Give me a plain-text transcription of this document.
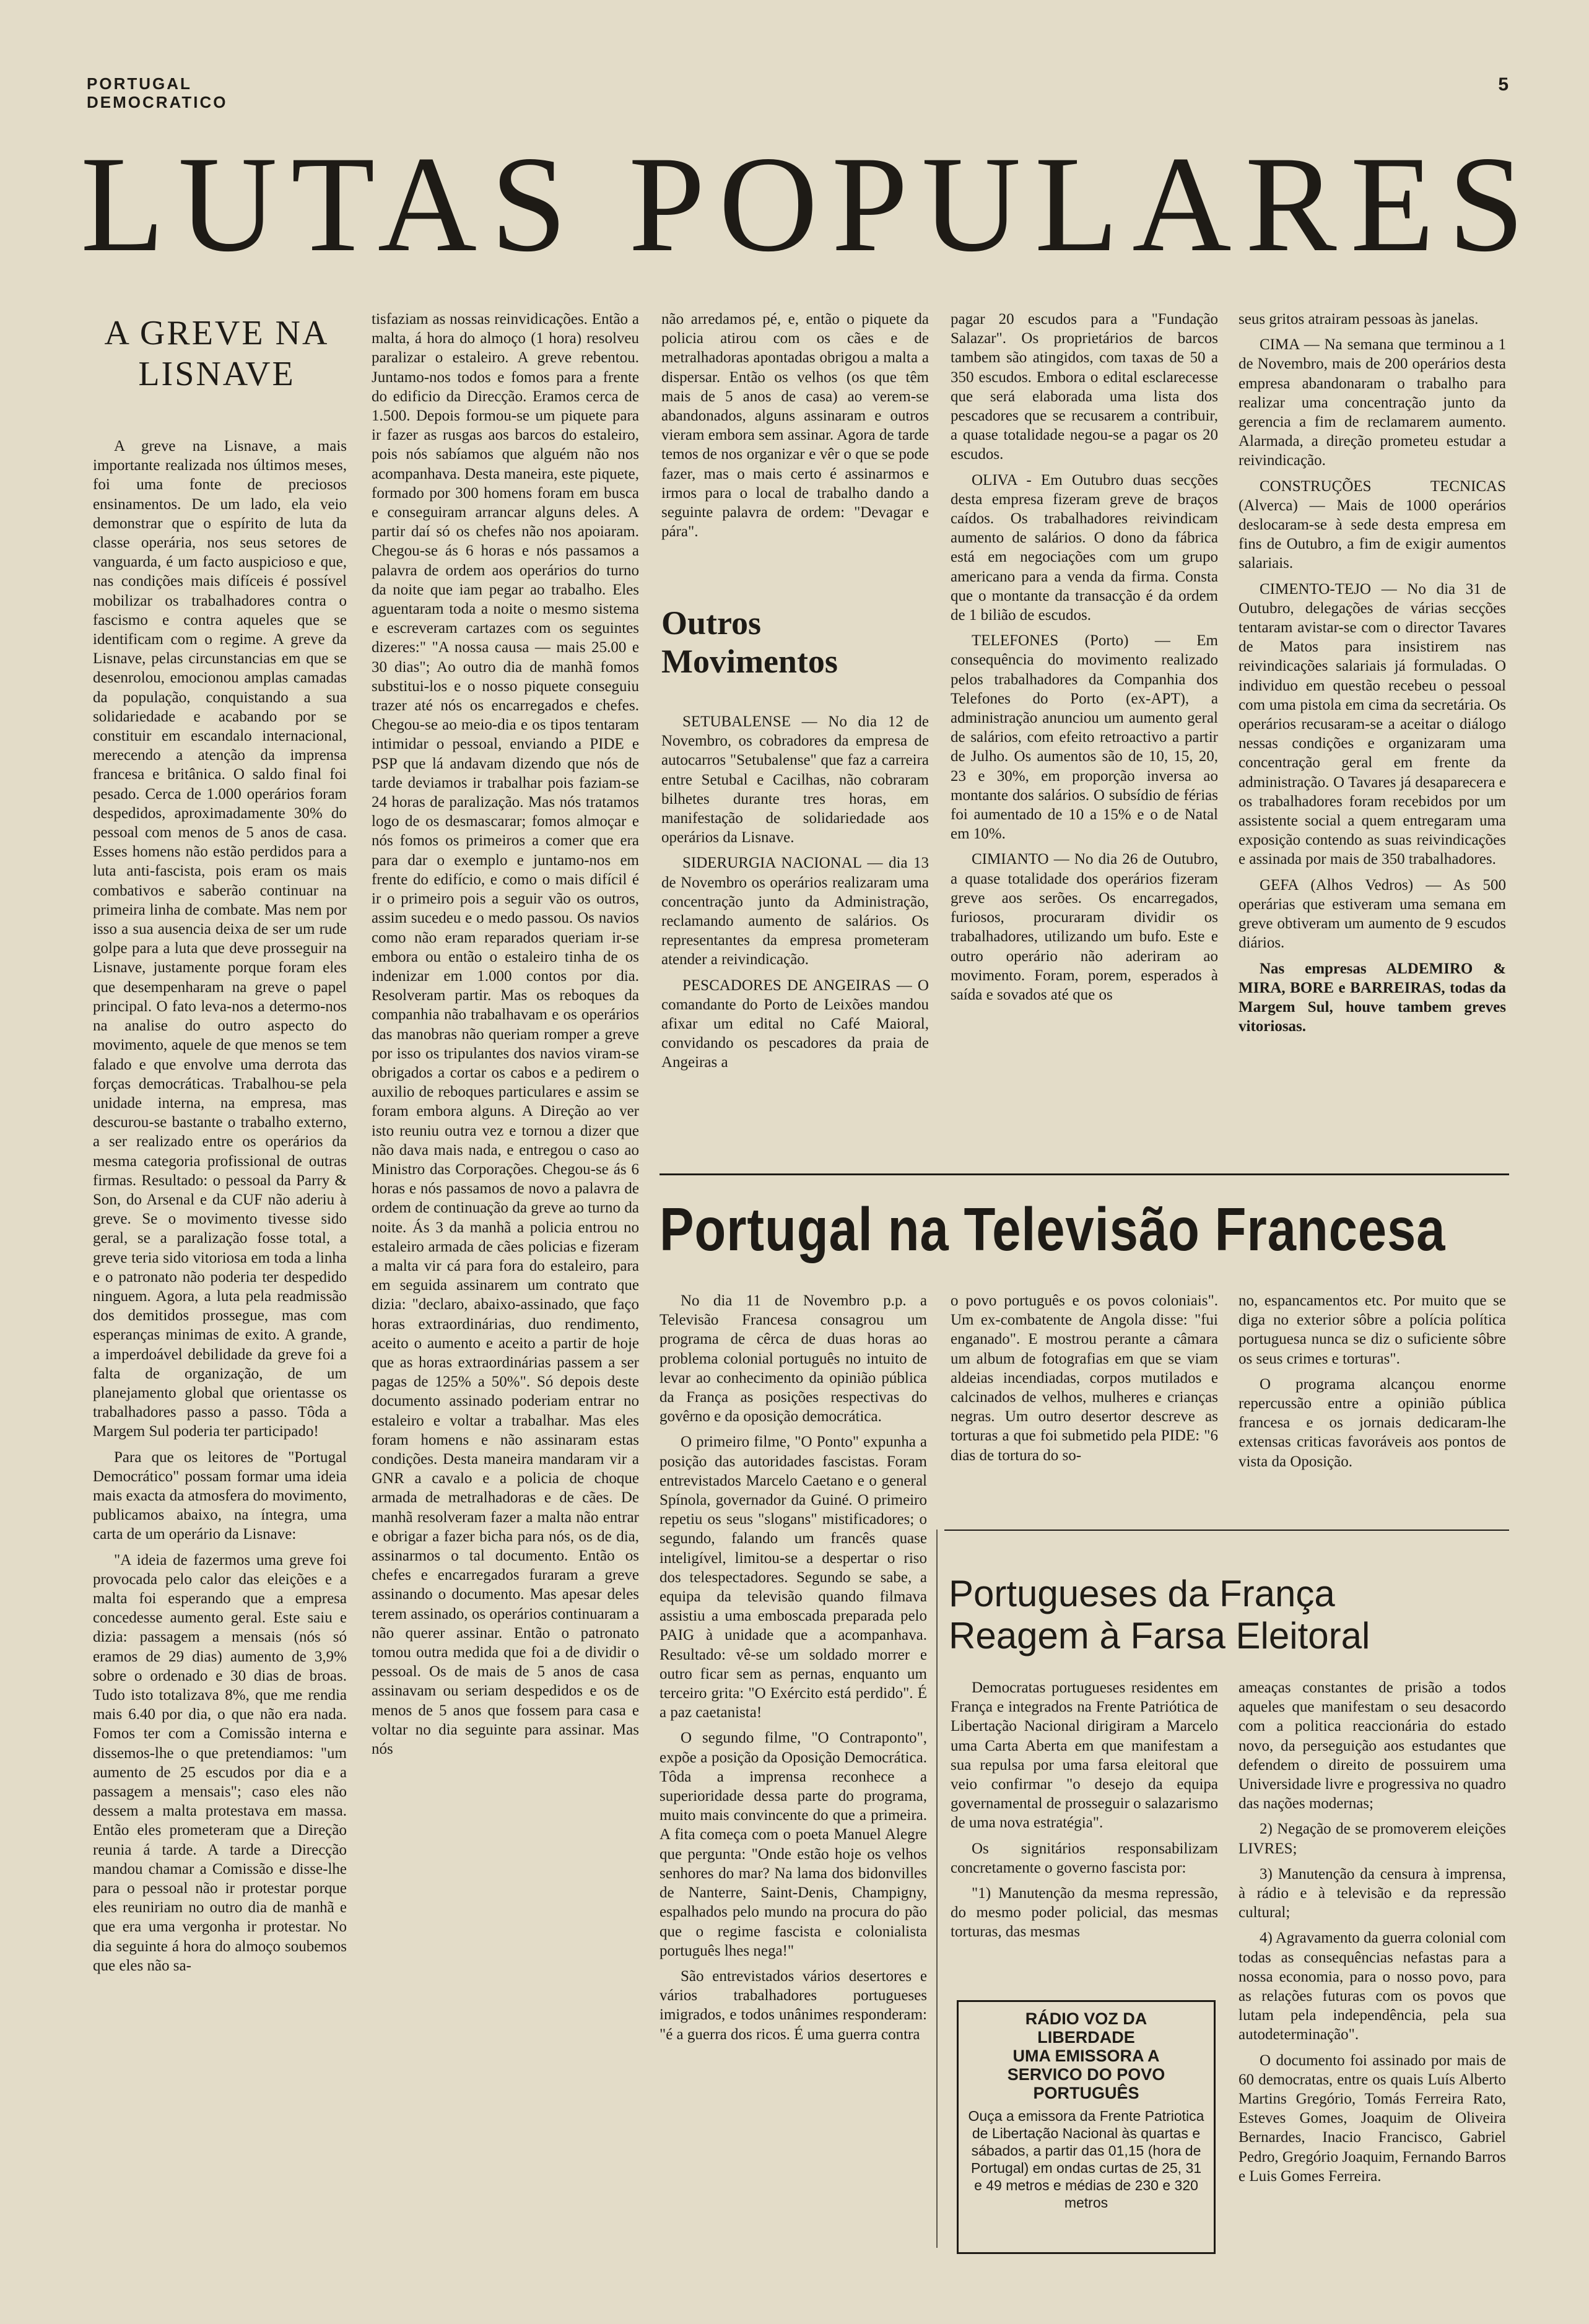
PORTUGAL
DEMOCRATICO
5
LUTAS POPULARES
A GREVE NA LISNAVE

A greve na Lisnave, a mais importante realizada nos últimos meses, foi uma fonte de preciosos ensinamentos. De um lado, ela veio demonstrar que o espírito de luta da classe operária, nos seus setores de vanguarda, é um facto auspicioso e que, nas condições mais difíceis é possível mobilizar os trabalhadores contra o fascismo e contra aqueles que se identificam com o regime. A greve da Lisnave, pelas circunstancias em que se desenrolou, emocionou amplas camadas da população, conquistando a sua solidariedade e acabando por se constituir em escandalo internacional, merecendo a atenção da imprensa francesa e britânica. O saldo final foi pesado. Cerca de 1.000 operários foram despedidos, aproximadamente 30% do pessoal com menos de 5 anos de casa. Esses homens não estão perdidos para a luta anti-fascista, pois eram os mais combativos e saberão continuar na primeira linha de combate. Mas nem por isso a sua ausencia deixa de ser um rude golpe para a luta que deve prosseguir na Lisnave, justamente porque foram eles que desempenharam na greve o papel principal. O fato leva-nos a determo-nos na analise do outro aspecto do movimento, aquele de que menos se tem falado e que envolve uma derrota das forças democráticas. Trabalhou-se pela unidade interna, na empresa, mas descurou-se bastante o trabalho externo, a ser realizado entre os operários da mesma categoria profissional de outras firmas. Resultado: o pessoal da Parry & Son, do Arsenal e da CUF não aderiu à greve. Se o movimento tivesse sido geral, se a paralização fosse total, a greve teria sido vitoriosa em toda a linha e o patronato não poderia ter despedido ninguem. Agora, a luta pela readmissão dos demitidos prossegue, mas com esperanças minimas de exito. A grande, a imperdoável debilidade da greve foi a falta de organização, de um planejamento global que orientasse os trabalhadores passo a passo. Tôda a Margem Sul poderia ter participado!

Para que os leitores de "Portugal Democrático" possam formar uma ideia mais exacta da atmosfera do movimento, publicamos abaixo, na íntegra, uma carta de um operário da Lisnave:

"A ideia de fazermos uma greve foi provocada pelo calor das eleições e a malta foi esperando que a empresa concedesse aumento geral. Este saiu e dizia: passagem a mensais (nós só eramos de 29 dias) aumento de 3,9% sobre o ordenado e 30 dias de broas. Tudo isto totalizava 8%, que me rendia mais 6.40 por dia, o que não era nada. Fomos ter com a Comissão interna e dissemos-lhe o que pretendiamos: "um aumento de 25 escudos por dia e a passagem a mensais"; caso eles não dessem a malta protestava em massa. Então eles prometeram que a Direção reunia á tarde. A tarde a Direcção mandou chamar a Comissão e disse-lhe para o pessoal não ir protestar porque eles reuniriam no outro dia de manhã e que era uma vergonha ir protestar. No dia seguinte á hora do almoço soubemos que eles não sa-

tisfaziam as nossas reinvidicações. Então a malta, á hora do almoço (1 hora) resolveu paralizar o estaleiro. A greve rebentou. Juntamo-nos todos e fomos para a frente do edificio da Direcção. Eramos cerca de 1.500. Depois formou-se um piquete para ir fazer as rusgas aos barcos do estaleiro, pois nós sabíamos que alguém não nos acompanhava. Desta maneira, este piquete, formado por 300 homens foram em busca e conseguiram arrancar alguns deles. A partir daí só os chefes não nos apoiaram. Chegou-se ás 6 horas e nós passamos a palavra de ordem aos operários do turno da noite que iam pegar ao trabalho. Eles aguentaram toda a noite o mesmo sistema e escreveram cartazes com os seguintes dizeres:" "A nossa causa — mais 25.00 e 30 dias"; Ao outro dia de manhã fomos substitui-los e o nosso piquete conseguiu trazer até nós os encarregados e chefes. Chegou-se ao meio-dia e os tipos tentaram intimidar o pessoal, enviando a PIDE e PSP que lá andavam dizendo que nós de tarde deviamos ir trabalhar pois faziam-se 24 horas de paralização. Mas nós tratamos logo de os desmascarar; fomos almoçar e nós fomos os primeiros a comer que era para dar o exemplo e juntamo-nos em frente do edifício, e como o mais difícil é ir o primeiro pois a seguir vão os outros, assim sucedeu e o medo passou. Os navios como não eram reparados queriam ir-se embora ou então o estaleiro tinha de os indenizar em 1.000 contos por dia. Resolveram partir. Mas os reboques da companhia não trabalhavam e os operários das manobras não queriam romper a greve por isso os tripulantes dos navios viram-se obrigados a cortar os cabos e a pedirem o auxilio de reboques particulares e assim se foram embora alguns. A Direção ao ver isto reuniu outra vez e tornou a dizer que não dava mais nada, e entregou o caso ao Ministro das Corporações. Chegou-se ás 6 horas e nós passamos de novo a palavra de ordem de continuação da greve ao turno da noite. Ás 3 da manhã a policia entrou no estaleiro armada de cães policias e fizeram a malta vir cá para fora do estaleiro, para em seguida assinarem um contrato que dizia: "declaro, abaixo-assinado, que faço horas extraordinárias, duo rendimento, aceito o aumento e aceito a partir de hoje que as horas extraordinárias passem a ser pagas de 125% a 50%". Só depois deste documento assinado poderiam entrar no estaleiro e voltar a trabalhar. Mas eles foram homens e não assinaram estas condições. Desta maneira mandaram vir a GNR a cavalo e a policia de choque armada de metralhadoras e de cães. De manhã resolveram fazer a malta não entrar e obrigar a fazer bicha para nós, os de dia, assinarmos o tal documento. Então os chefes e encarregados furaram a greve assinando o documento. Mas apesar deles terem assinado, os operários continuaram a não querer assinar. Então o patronato tomou outra medida que foi a de dividir o pessoal. Os de mais de 5 anos de casa assinavam ou seriam despedidos e os de menos de 5 anos que fossem para casa e voltar no dia seguinte para assinar. Mas nós

não arredamos pé, e, então o piquete da policia atirou com os cães e de metralhadoras apontadas obrigou a malta a dispersar. Então os velhos (os que têm mais de 5 anos de casa) ao verem-se abandonados, alguns assinaram e outros vieram embora sem assinar. Agora de tarde temos de nos organizar e vêr o que se pode fazer, mas o mais certo é assinarmos e irmos para o local de trabalho dando a seguinte palavra de ordem: "Devagar e pára".

Outros Movimentos

SETUBALENSE — No dia 12 de Novembro, os cobradores da empresa de autocarros "Setubalense" que faz a carreira entre Setubal e Cacilhas, não cobraram bilhetes durante tres horas, em manifestação de solidariedade aos operários da Lisnave.

SIDERURGIA NACIONAL — dia 13 de Novembro os operários realizaram uma concentração junto da Administração, reclamando aumento de salários. Os representantes da empresa prometeram atender a reivindicação.

PESCADORES DE ANGEIRAS — O comandante do Porto de Leixões mandou afixar um edital no Café Maioral, convidando os pescadores da praia de Angeiras a

pagar 20 escudos para a "Fundação Salazar". Os proprietários de barcos tambem são atingidos, com taxas de 50 a 350 escudos. Embora o edital esclarecesse que será elaborada uma lista dos pescadores que se recusarem a contribuir, a quase totalidade negou-se a pagar os 20 escudos.

OLIVA - Em Outubro duas secções desta empresa fizeram greve de braços caídos. Os trabalhadores reivindicam aumento de salários. O dono da fábrica está em negociações com um grupo americano para a venda da firma. Consta que o montante da transacção é da ordem de 1 bilião de escudos.

TELEFONES (Porto) — Em consequência do movimento realizado pelos trabalhadores da Companhia dos Telefones do Porto (ex-APT), a administração anunciou um aumento geral de salários, com efeito retroactivo a partir de Julho. Os aumentos são de 10, 15, 20, 23 e 30%, em proporção inversa ao montante dos salários. O subsídio de férias foi aumentado de 10 a 15% e o de Natal em 10%.

CIMIANTO — No dia 26 de Outubro, a quase totalidade dos operários fizeram greve aos serões. Os encarregados, furiosos, procuraram dividir os trabalhadores, utilizando um bufo. Este e outro operário não aderiram ao movimento. Foram, porem, esperados à saída e sovados até que os

seus gritos atrairam pessoas às janelas.

CIMA — Na semana que terminou a 1 de Novembro, mais de 200 operários desta empresa abandonaram o trabalho para realizar uma concentração junto da gerencia a fim de reclamarem aumento. Alarmada, a direção prometeu estudar a reivindicação.

CONSTRUÇÕES TECNICAS (Alverca) — Mais de 1000 operários deslocaram-se à sede desta empresa em fins de Outubro, a fim de exigir aumentos salariais.

CIMENTO-TEJO — No dia 31 de Outubro, delegações de várias secções tentaram avistar-se com o director Tavares de Matos para insistirem nas reivindicações salariais já formuladas. O individuo em questão recebeu o pessoal com uma pistola em cima da secretária. Os operários recusaram-se a aceitar o diálogo nessas condições e organizaram uma concentração geral em frente da administração. O Tavares já desaparecera e os trabalhadores foram recebidos por um assistente social a quem entregaram uma exposição contendo as suas reivindicações e assinada por mais de 350 trabalhadores.

GEFA (Alhos Vedros) — As 500 operárias que estiveram uma semana em greve obtiveram um aumento de 9 escudos diários.

Nas empresas ALDEMIRO & MIRA, BORE e BARREIRAS, todas da Margem Sul, houve tambem greves vitoriosas.

Portugal na Televisão Francesa

No dia 11 de Novembro p.p. a Televisão Francesa consagrou um programa de cêrca de duas horas ao problema colonial português no intuito de levar ao conhecimento da opinião pública da França as posições respectivas do govêrno e da oposição democrática.

O primeiro filme, "O Ponto" expunha a posição das autoridades fascistas. Foram entrevistados Marcelo Caetano e o general Spínola, governador da Guiné. O primeiro repetiu os seus "slogans" mistificadores; o segundo, falando um francês quase inteligível, limitou-se a despertar o riso dos telespectadores. Segundo se sabe, a equipa da televisão quando filmava assistiu a uma emboscada preparada pelo PAIG à unidade que a acompanhava. Resultado: vê-se um soldado morrer e outro ficar sem as pernas, enquanto um terceiro grita: "O Exército está perdido". É a paz caetanista!

O segundo filme, "O Contraponto", expõe a posição da Oposição Democrática. Tôda a imprensa reconhece a superioridade dessa parte do programa, muito mais convincente do que a primeira. A fita começa com o poeta Manuel Alegre que pergunta: "Onde estão hoje os velhos senhores do mar? Na lama dos bidonvilles de Nanterre, Saint-Denis, Champigny, espalhados pelo mundo na procura do pão que o regime fascista e colonialista português lhes nega!"

São entrevistados vários desertores e vários trabalhadores portugueses imigrados, e todos unânimes responderam: "é a guerra dos ricos. É uma guerra contra

o povo português e os povos coloniais". Um ex-combatente de Angola disse: "fui enganado". E mostrou perante a câmara um album de fotografias em que se viam aldeias incendiadas, corpos mutilados e calcinados de velhos, mulheres e crianças negras. Um outro desertor descreve as torturas a que foi submetido pela PIDE: "6 dias de tortura do so-

no, espancamentos etc. Por muito que se diga no exterior sôbre a polícia política portuguesa nunca se diz o suficiente sôbre os seus crimes e torturas".

O programa alcançou enorme repercussão entre a opinião pública francesa e os jornais dedicaram-lhe extensas criticas favoráveis aos pontos de vista da Oposição.

Portugueses da França
Reagem à Farsa Eleitoral

Democratas portugueses residentes em França e integrados na Frente Patriótica de Libertação Nacional dirigiram a Marcelo uma Carta Aberta em que manifestam a sua repulsa por uma farsa eleitoral que veio confirmar "o desejo da equipa governamental de prosseguir o salazarismo de uma nova estratégia".

Os signitários responsabilizam concretamente o governo fascista por:

"1) Manutenção da mesma repressão, do mesmo poder policial, das mesmas torturas, das mesmas

RÁDIO VOZ DA
LIBERDADE
UMA EMISSORA A
SERVICO DO POVO
PORTUGUÊS
Ouça a emissora da Frente Patriotica de Libertação Nacional às quartas e sábados, a partir das 01,15 (hora de Portugal) em ondas curtas de 25, 31 e 49 metros e médias de 230 e 320 metros

ameaças constantes de prisão a todos aqueles que manifestam o seu desacordo com a politica reaccionária do estado novo, da perseguição aos estudantes que defendem o direito de possuirem uma Universidade livre e progressiva no quadro das nações modernas;

2) Negação de se promoverem eleições LIVRES;

3) Manutenção da censura à imprensa, à rádio e à televisão e da repressão cultural;

4) Agravamento da guerra colonial com todas as consequências nefastas para a nossa economia, para o nosso povo, para as relações futuras com os povos que lutam pela independência, pela sua autodeterminação".

O documento foi assinado por mais de 60 democratas, entre os quais Luís Alberto Martins Gregório, Tomás Ferreira Rato, Esteves Gomes, Joaquim de Oliveira Bernardes, Inacio Francisco, Gabriel Pedro, Gregório Joaquim, Fernando Barros e Luis Gomes Ferreira.
